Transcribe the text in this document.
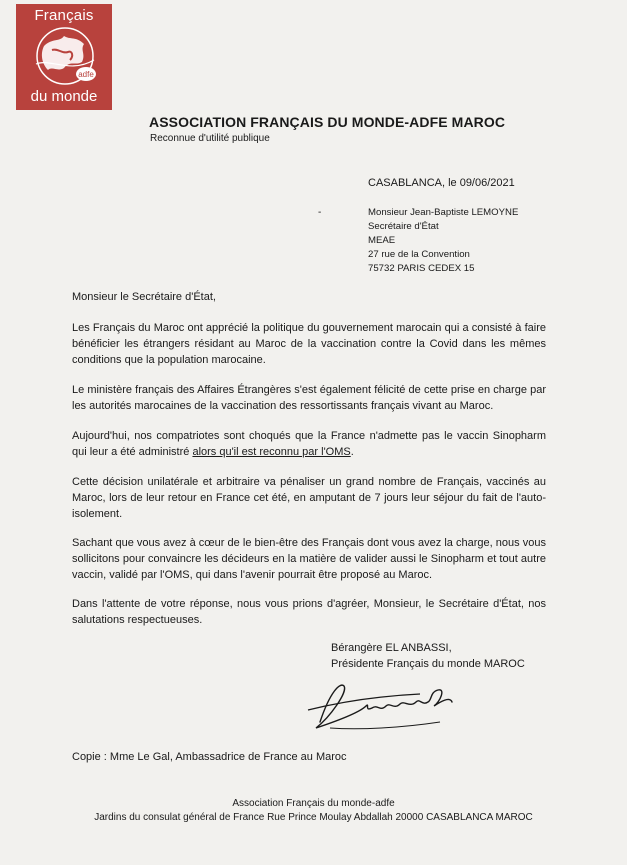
Français
adfe
du monde
ASSOCIATION FRANÇAIS DU MONDE-ADFE MAROC
Reconnue d'utilité publique
CASABLANCA, le 09/06/2021
-	Monsieur Jean-Baptiste LEMOYNE
Secrétaire d'État
MEAE
27 rue de la Convention
75732 PARIS CEDEX 15
Monsieur le Secrétaire d'État,

Les Français du Maroc ont apprécié la politique du gouvernement marocain qui a consisté à faire bénéficier les étrangers résidant au Maroc de la vaccination contre la Covid dans les mêmes conditions que la population marocaine.

Le ministère français des Affaires Étrangères s'est également félicité de cette prise en charge par les autorités marocaines de la vaccination des ressortissants français vivant au Maroc.

Aujourd'hui, nos compatriotes sont choqués que la France n'admette pas le vaccin Sinopharm qui leur a été administré alors qu'il est reconnu par l'OMS.

Cette décision unilatérale et arbitraire va pénaliser un grand nombre de Français, vaccinés au Maroc, lors de leur retour en France cet été, en amputant de 7 jours leur séjour du fait de l'auto-isolement.

Sachant que vous avez à cœur de le bien-être des Français dont vous avez la charge, nous vous sollicitons pour convaincre les décideurs en la matière de valider aussi le Sinopharm et tout autre vaccin, validé par l'OMS, qui dans l'avenir pourrait être proposé au Maroc.

Dans l'attente de votre réponse, nous vous prions d'agréer, Monsieur, le Secrétaire d'État, nos salutations respectueuses.

Bérangère EL ANBASSI,
Présidente Français du monde MAROC
Copie : Mme Le Gal, Ambassadrice de France au Maroc
Association Français du monde-adfe
Jardins du consulat général de France Rue Prince Moulay Abdallah 20000 CASABLANCA MAROC
